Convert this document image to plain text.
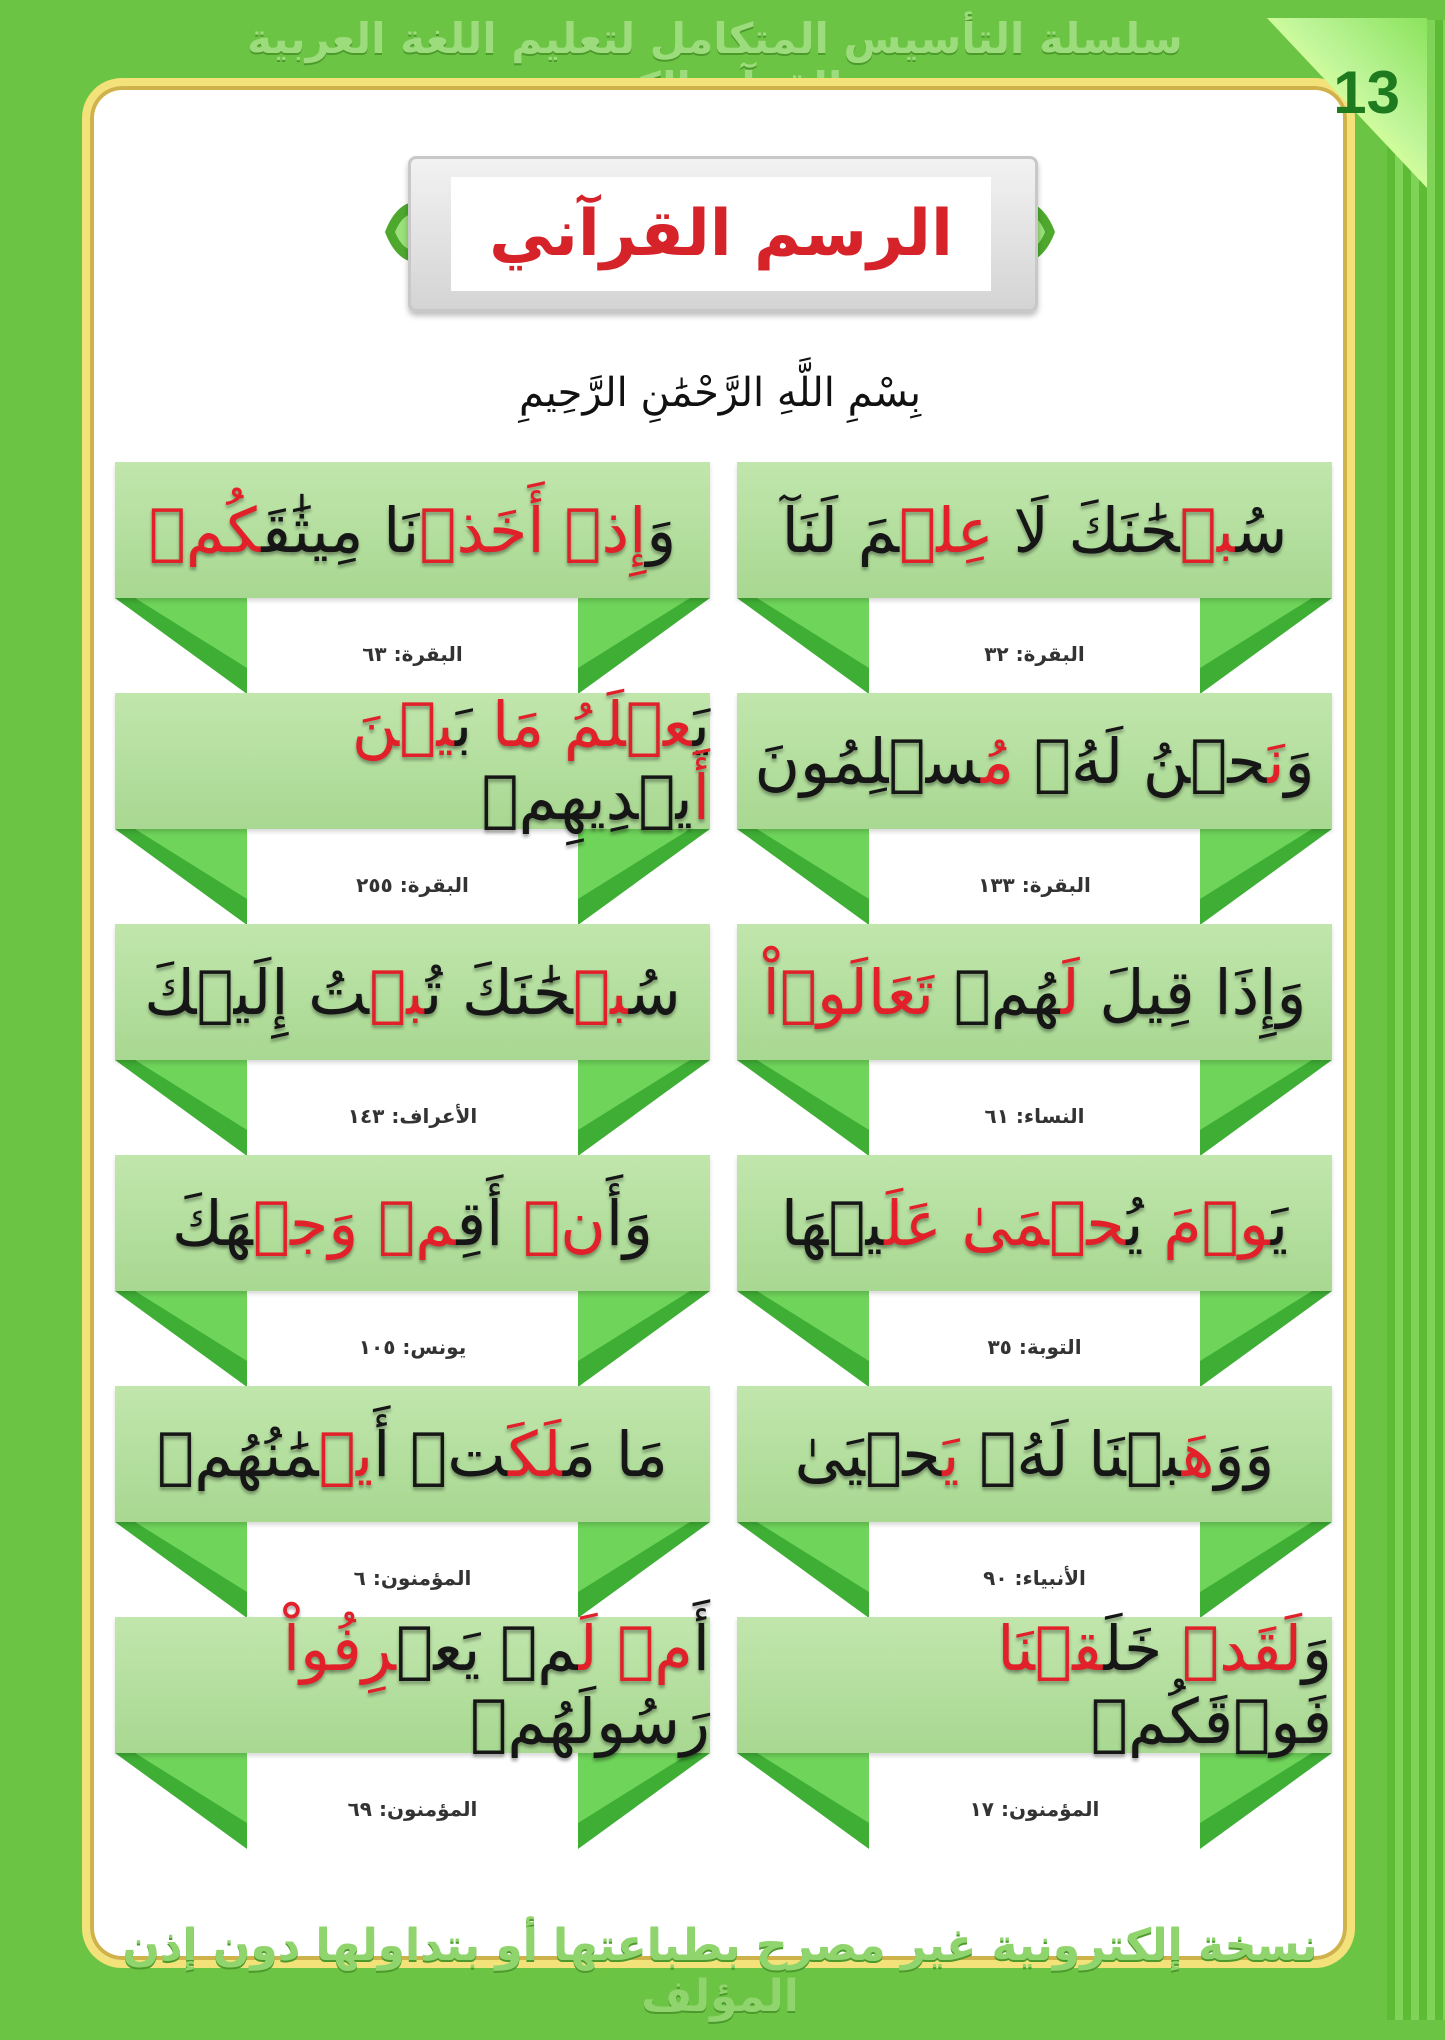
سلسلة التأسيس المتكامل لتعليم اللغة العربية
13
الرسم القرآني
بِسْمِ اللَّهِ الرَّحْمَٰنِ الرَّحِيمِ
سُبۡحَٰنَكَ لَا عِلۡمَ لَنَآ
البقرة: ٣٢
وَإِذۡ أَخَذۡنَا مِيثَٰقَكُمۡ
البقرة: ٦٣
وَنَحۡنُ لَهُۥ مُسۡلِمُونَ
البقرة: ١٣٣
يَعۡلَمُ مَا بَيۡنَ أَيۡدِيهِمۡ
البقرة: ٢٥٥
وَإِذَا قِيلَ لَهُمۡ تَعَالَوۡاْ
النساء: ٦١
سُبۡحَٰنَكَ تُبۡتُ إِلَيۡكَ
الأعراف: ١٤٣
يَوۡمَ يُحۡمَىٰ عَلَيۡهَا
التوبة: ٣٥
وَأَنۡ أَقِمۡ وَجۡهَكَ
يونس: ١٠٥
وَوَهَبۡنَا لَهُۥ يَحۡيَىٰ
الأنبياء: ٩٠
مَا مَلَكَتۡ أَيۡمَٰنُهُمۡ
المؤمنون: ٦
وَلَقَدۡ خَلَقۡنَا فَوۡقَكُمۡ
المؤمنون: ١٧
أَمۡ لَمۡ يَعۡرِفُواْ رَسُولَهُمۡ
المؤمنون: ٦٩
نسخة إلكترونية غير مصرح بطباعتها أو بتداولها دون إذن المؤلف
